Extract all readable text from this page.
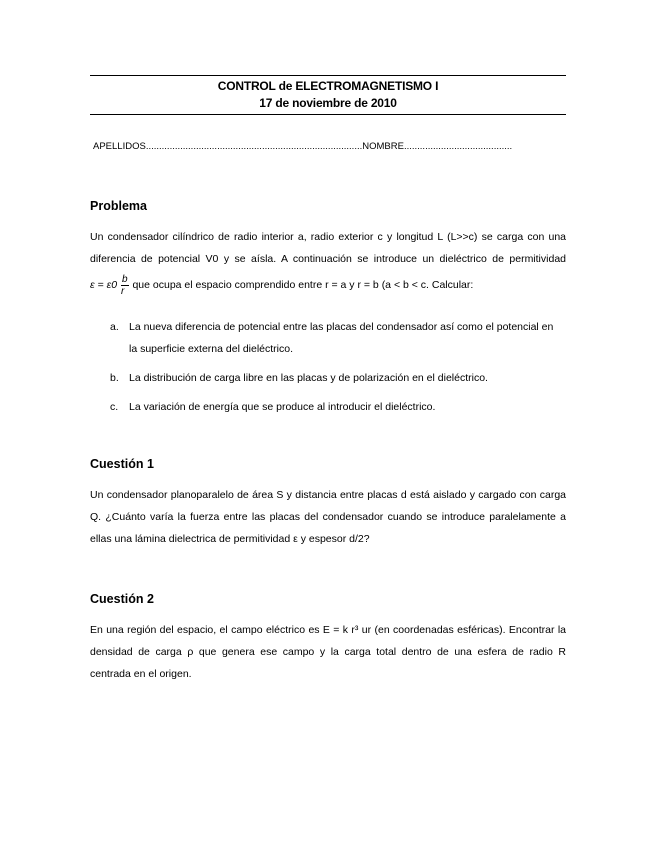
CONTROL de ELECTROMAGNETISMO I
17 de noviembre de 2010
APELLIDOS..................................................................................NOMBRE.........................................
Problema
Un condensador cilíndrico de radio interior a, radio exterior c y longitud L (L>>c) se carga con una
diferencia de potencial V0 y se aísla. A continuación se introduce un dieléctrico de permitividad
$\varepsilon = \varepsilon 0 \frac{b}{r}$ que ocupa el espacio comprendido entre r = a y r = b (a < b < c. Calcular:
a. La nueva diferencia de potencial entre las placas del condensador así como el potencial en
la superficie externa del dieléctrico.
b. La distribución de carga libre en las placas y de polarización en el dieléctrico.
c.	La variación de energía que se produce al introducir el dieléctrico.
Cuestión 1
Un condensador planoparalelo de área S y distancia entre placas d está aislado y cargado con carga
Q. ¿Cuánto varía la fuerza entre las placas del condensador cuando se introduce paralelamente a
ellas una lámina dielectrica de permitividad ε y espesor d/2?
Cuestión 2
En una región del espacio, el campo eléctrico es E = k r³ ur (en coordenadas esféricas). Encontrar la
densidad de carga ρ que genera ese campo y la carga total dentro de una esfera de radio R
centrada en el origen.
